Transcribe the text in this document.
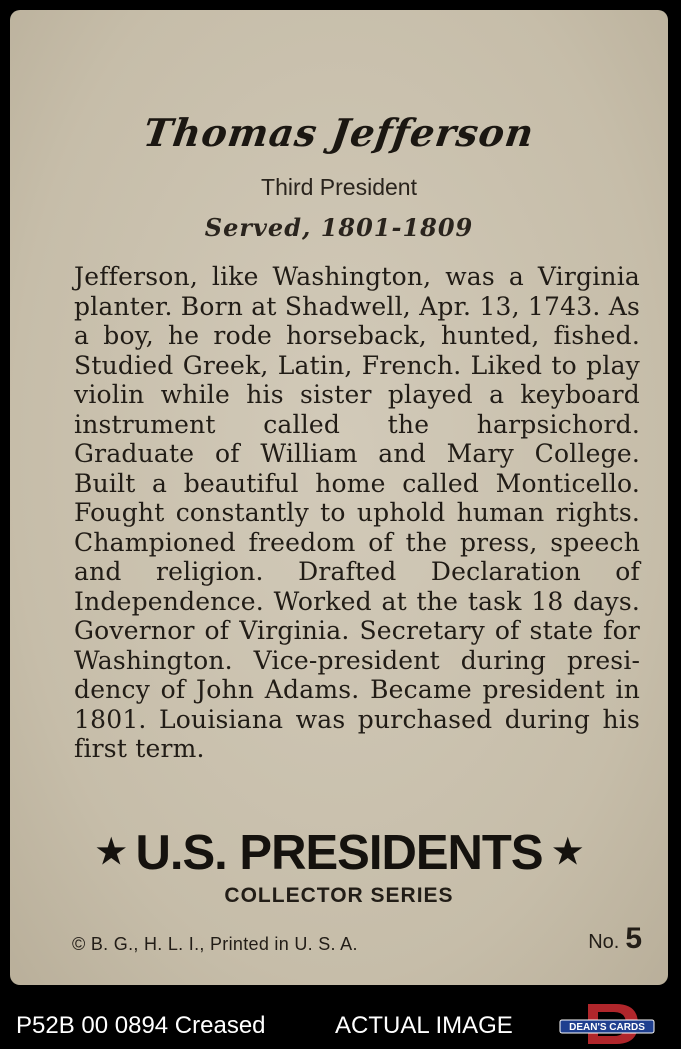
Thomas Jefferson
Third President
Served, 1801-1809

Jefferson, like Washington, was a Virginia planter. Born at Shadwell, Apr. 13, 1743. As a boy, he rode horseback, hunted, fished. Studied Greek, Latin, French. Liked to play violin while his sister played a keyboard instrument called the harpsichord. Graduate of William and Mary College. Built a beautiful home called Monticello. Fought constantly to uphold human rights. Championed freedom of the press, speech and religion. Drafted Declaration of Independence. Worked at the task 18 days. Governor of Virginia. Secretary of state for Washington. Vice-president during presidency of John Adams. Became president in 1801. Louisiana was purchased during his first term.

★ U.S. PRESIDENTS ★
COLLECTOR SERIES
© B. G., H. L. I., Printed in U. S. A.	No. 5
P52B 00 0894 Creased	ACTUAL IMAGE	DEAN'S CARDS
